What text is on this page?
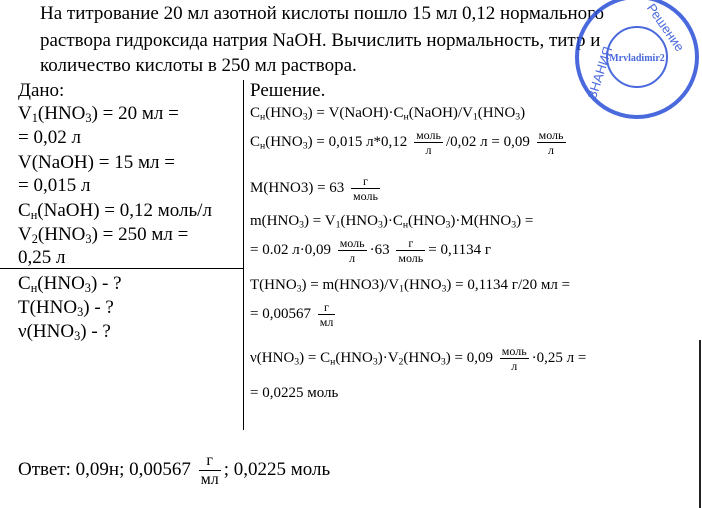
На титрование 20 мл азотной кислоты пошло 15 мл 0,12 нормального
раствора гидроксида натрия NaOH. Вычислить нормальность, титр и
количество кислоты в 250 мл раствора.
Дано:
$V_1(HNO_3) = 20$ мл =
= 0,02 л
V(NaOH) = 15 мл =
= 0,015 л
$C_н(NaOH) = 0,12$ моль/л
$V_2(HNO_3) = 250$ мл =
0,25 л
$C_н(HNO_3)$ - ?
$T(HNO_3)$ - ?
$\nu(HNO_3)$ - ?
Решение.
$C_н(HNO_3)$ = $V(NaOH)\cdot C_н(NaOH)/V_1(HNO_3)$
$C_н(HNO_3) = 0,015$ $л*0,12 \frac{\text{моль}}{л} /0,02$ $л = 0,09 \frac{\text{моль}}{л}$
$M(HNO3) = 63 \frac{г}{\text{моль}}$
$m(HNO_3) = V_1(HNO_3)\cdot C_н(HNO_3)\cdot M(HNO_3)$ =
= 0.02 $л\cdot 0,09 \frac{\text{моль}}{л} \cdot 63 \frac{г}{\text{моль}} = 0,1134$ г
$T(HNO_3) = m(HNO3)/V_1(HNO_3) = 0,1134$ г/20 мл =
= $0,00567 \frac{г}{мл}$
$\nu(HNO_3) = C_н(HNO_3)\cdot V_2(HNO_3) = 0,09 \frac{\text{моль}}{л} \cdot 0,25$ л =
= 0,0225 моль
Ответ: 0,09н; $0,00567 \frac{г}{мл}$ ; 0,0225 моль
Mrvladimir2
Решение
ЗНАНИЯ
